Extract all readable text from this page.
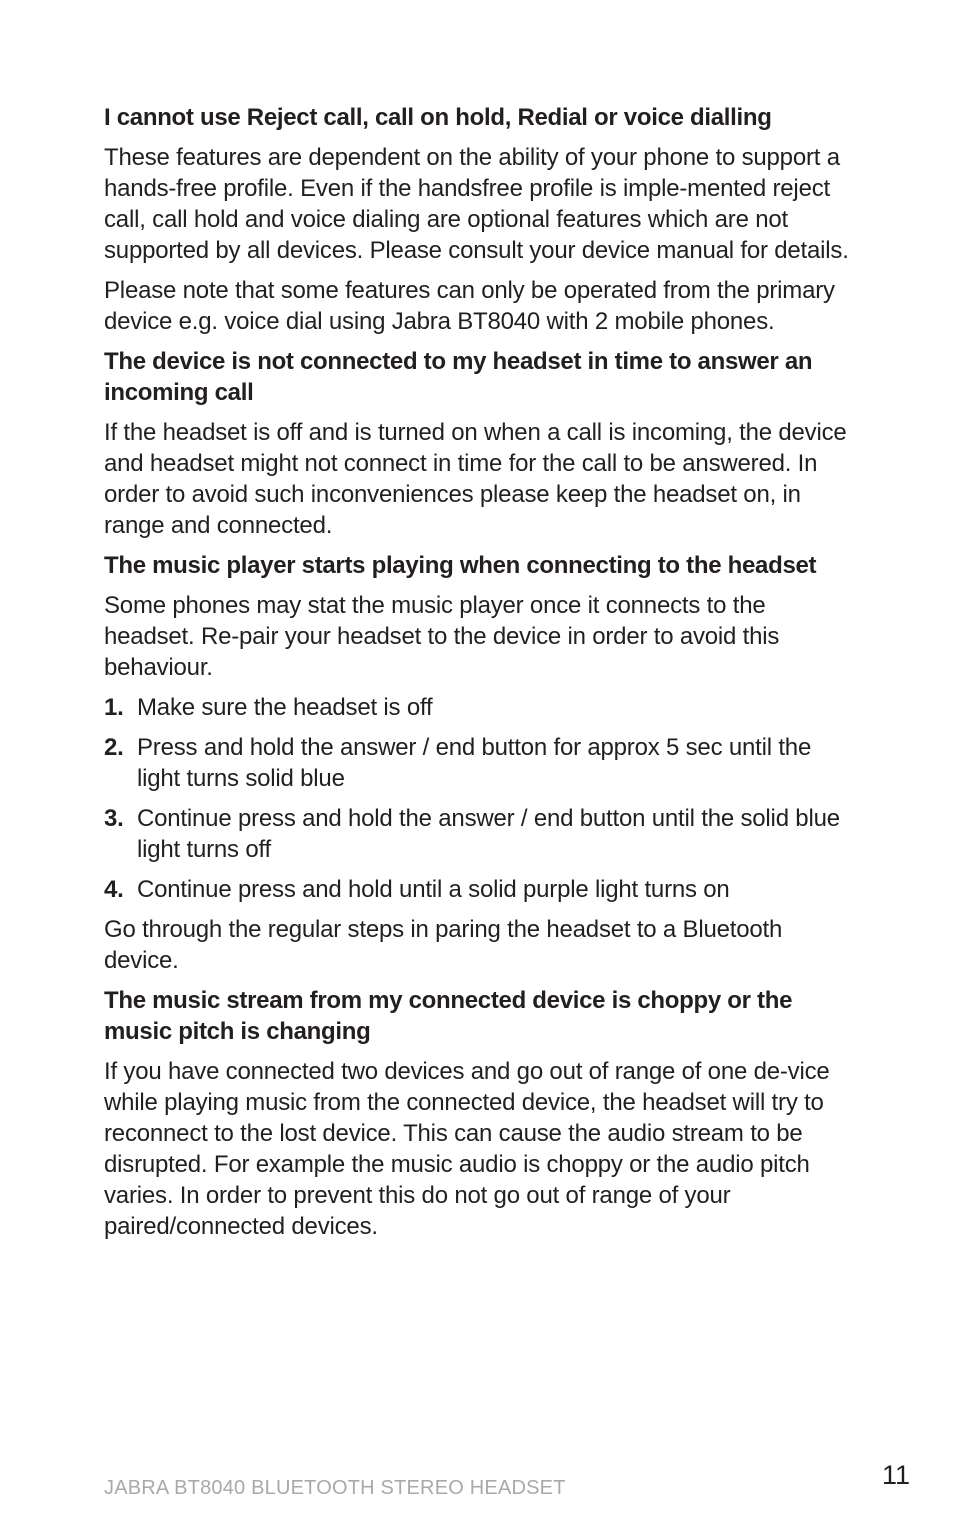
I cannot use Reject call, call on hold, Redial or voice dialling

These features are dependent on the ability of your phone to support a hands-free profile. Even if the handsfree profile is imple-mented reject call, call hold and voice dialing are optional features which are not supported by all devices. Please consult your device manual for details.

Please note that some features can only be operated from the primary device e.g. voice dial using Jabra BT8040 with 2 mobile phones.

The device is not connected to my headset in time to answer an incoming call

If the headset is off and is turned on when a call is incoming, the device and headset might not connect in time for the call to be answered. In order to avoid such inconveniences please keep the headset on, in range and connected.

The music player starts playing when connecting to the headset

Some phones may stat the music player once it connects to the headset. Re-pair your headset to the device in order to avoid this behaviour.

1. Make sure the headset is off
2. Press and hold the answer / end button for approx 5 sec until the light turns solid blue
3. Continue press and hold the answer / end button until the solid blue light turns off
4. Continue press and hold until a solid purple light turns on

Go through the regular steps in paring the headset to a Bluetooth device.

The music stream from my connected device is choppy or the music pitch is changing

If you have connected two devices and go out of range of one de-vice while playing music from the connected device, the headset will try to reconnect to the lost device. This can cause the audio stream to be disrupted. For example the music audio is choppy or the audio pitch varies. In order to prevent this do not go out of range of your paired/connected devices.

JABRA BT8040 BLUETOOTH STEREO HEADSET	11
